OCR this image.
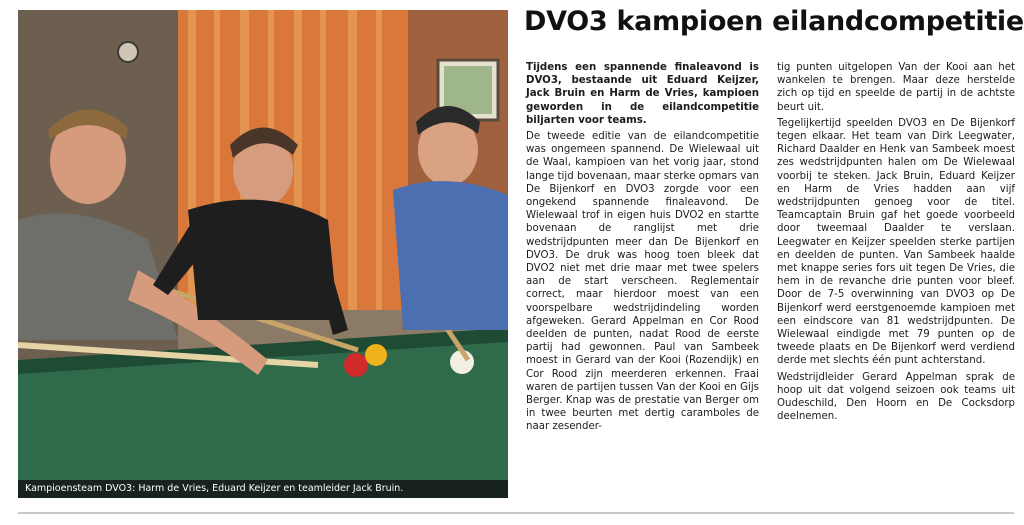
Kampioensteam DVO3: Harm de Vries, Eduard Keijzer en teamleider Jack Bruin.
DVO3 kampioen eilandcompetitie

Tijdens een spannende finaleavond is DVO3, bestaande uit Eduard Keijzer, Jack Bruin en Harm de Vries, kampioen geworden in de eilandcompetitie biljarten voor teams.

De tweede editie van de eilandcompetitie was ongemeen spannend. De Wielewaal uit de Waal, kampioen van het vorig jaar, stond lange tijd bovenaan, maar sterke opmars van De Bijenkorf en DVO3 zorgde voor een ongekend spannende finaleavond. De Wielewaal trof in eigen huis DVO2 en startte bovenaan de ranglijst met drie wedstrijdpunten meer dan De Bijenkorf en DVO3. De druk was hoog toen bleek dat DVO2 niet met drie maar met twee spelers aan de start verscheen. Reglementair correct, maar hierdoor moest van een voorspelbare wedstrijdindeling worden afgeweken. Gerard Appelman en Cor Rood deelden de punten, nadat Rood de eerste partij had gewonnen. Paul van Sambeek moest in Gerard van der Kooi (Rozendijk) en Cor Rood zijn meerderen erkennen. Fraai waren de partijen tussen Van der Kooi en Gijs Berger. Knap was de prestatie van Berger om in twee beurten met dertig caramboles de naar zesender-

tig punten uitgelopen Van der Kooi aan het wankelen te brengen. Maar deze herstelde zich op tijd en speelde de partij in de achtste beurt uit.

Tegelijkertijd speelden DVO3 en De Bijenkorf tegen elkaar. Het team van Dirk Leegwater, Richard Daalder en Henk van Sambeek moest zes wedstrijdpunten halen om De Wielewaal voorbij te steken. Jack Bruin, Eduard Keijzer en Harm de Vries hadden aan vijf wedstrijdpunten genoeg voor de titel. Teamcaptain Bruin gaf het goede voorbeeld door tweemaal Daalder te verslaan. Leegwater en Keijzer speelden sterke partijen en deelden de punten. Van Sambeek haalde met knappe series fors uit tegen De Vries, die hem in de revanche drie punten voor bleef. Door de 7-5 overwinning van DVO3 op De Bijenkorf werd eerstgenoemde kampioen met een eindscore van 81 wedstrijdpunten. De Wielewaal eindigde met 79 punten op de tweede plaats en De Bijenkorf werd verdiend derde met slechts één punt achterstand.

Wedstrijdleider Gerard Appelman sprak de hoop uit dat volgend seizoen ook teams uit Oudeschild, Den Hoorn en De Cocksdorp deelnemen.
